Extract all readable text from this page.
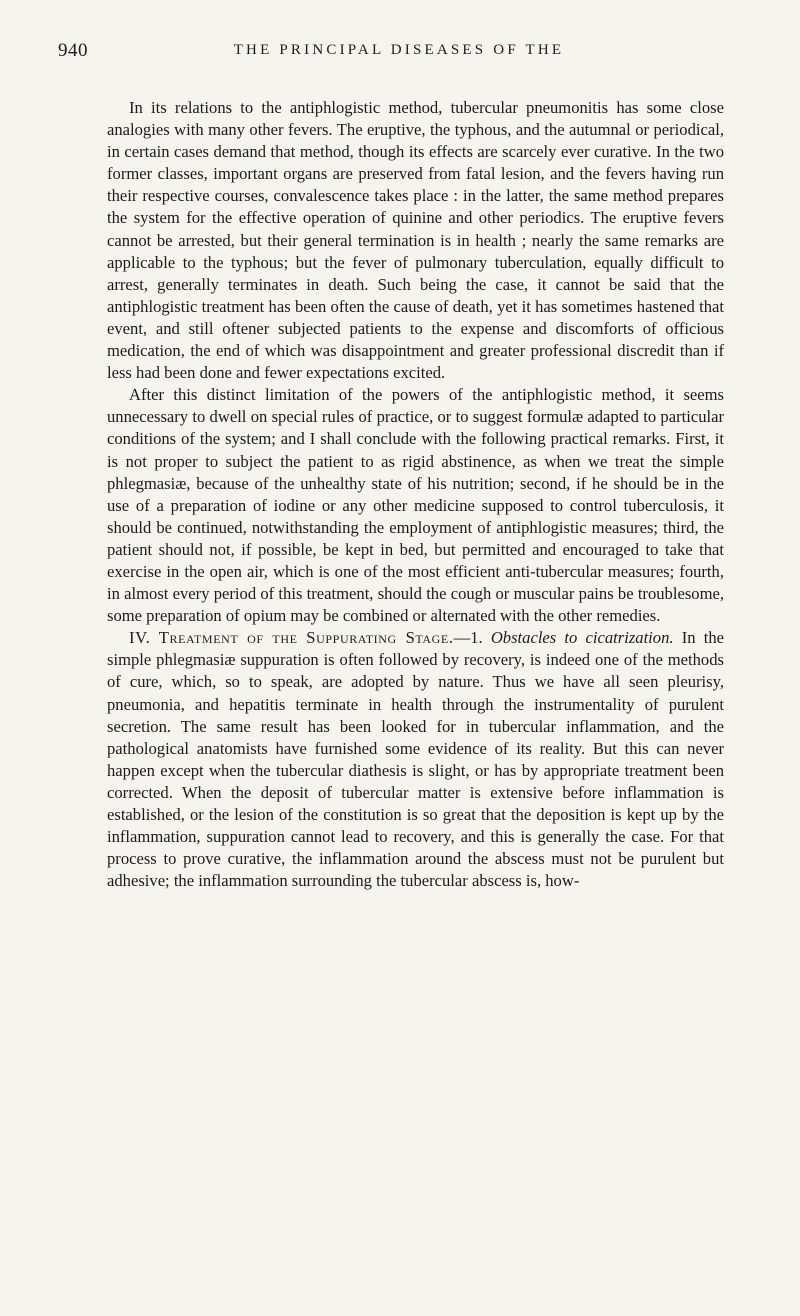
940	THE PRINCIPAL DISEASES OF THE

In its relations to the antiphlogistic method, tubercular pneumonitis has some close analogies with many other fevers. The eruptive, the typhous, and the autumnal or periodical, in certain cases demand that method, though its effects are scarcely ever curative. In the two former classes, important organs are preserved from fatal lesion, and the fevers having run their respective courses, convalescence takes place : in the latter, the same method prepares the system for the effective operation of quinine and other periodics. The eruptive fevers cannot be arrested, but their general termination is in health ; nearly the same remarks are applicable to the typhous; but the fever of pulmonary tuberculation, equally difficult to arrest, generally terminates in death. Such being the case, it cannot be said that the antiphlogistic treatment has been often the cause of death, yet it has sometimes hastened that event, and still oftener subjected patients to the expense and discomforts of officious medication, the end of which was disappointment and greater professional discredit than if less had been done and fewer expectations excited.

After this distinct limitation of the powers of the antiphlogistic method, it seems unnecessary to dwell on special rules of practice, or to suggest formulæ adapted to particular conditions of the system; and I shall conclude with the following practical remarks. First, it is not proper to subject the patient to as rigid abstinence, as when we treat the simple phlegmasiæ, because of the unhealthy state of his nutrition; second, if he should be in the use of a preparation of iodine or any other medicine supposed to control tuberculosis, it should be continued, notwithstanding the employment of antiphlogistic measures; third, the patient should not, if possible, be kept in bed, but permitted and encouraged to take that exercise in the open air, which is one of the most efficient anti-tubercular measures; fourth, in almost every period of this treatment, should the cough or muscular pains be troublesome, some preparation of opium may be combined or alternated with the other remedies.

IV. Treatment of the Suppurating Stage.—1. Obstacles to cicatrization. In the simple phlegmasiæ suppuration is often followed by recovery, is indeed one of the methods of cure, which, so to speak, are adopted by nature. Thus we have all seen pleurisy, pneumonia, and hepatitis terminate in health through the instrumentality of purulent secretion. The same result has been looked for in tubercular inflammation, and the pathological anatomists have furnished some evidence of its reality. But this can never happen except when the tubercular diathesis is slight, or has by appropriate treatment been corrected. When the deposit of tubercular matter is extensive before inflammation is established, or the lesion of the constitution is so great that the deposition is kept up by the inflammation, suppuration cannot lead to recovery, and this is generally the case. For that process to prove curative, the inflammation around the abscess must not be purulent but adhesive; the inflammation surrounding the tubercular abscess is, how-
